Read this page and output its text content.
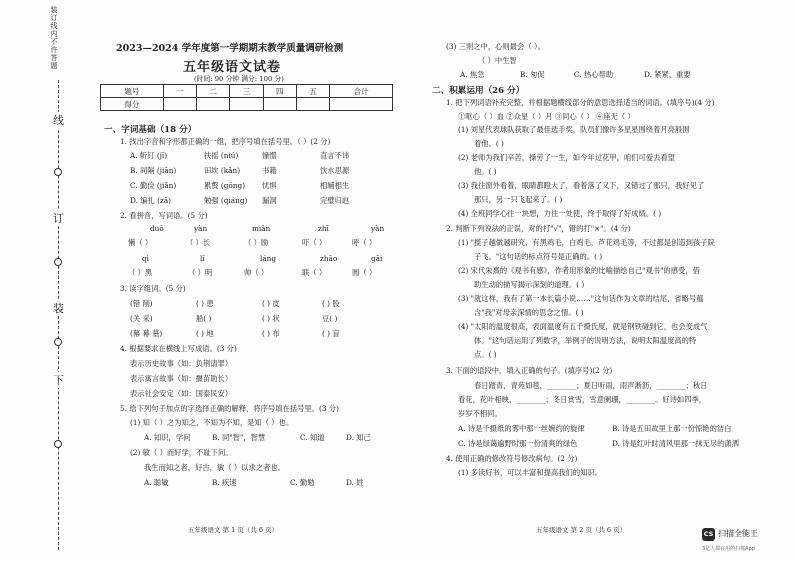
装订线内不许答题
线
订
装
下
2023—2024 学年度第一学期期末教学质量调研检测
五年级语文试卷
(时间: 90 分钟 满分: 100 分)
题号	一	二	三	四	五	合计
得分						
一、字词基础（18 分）
1. 找出字音和字形都正确的一组，把序号填在括号里。（ ）(2 分)
A. 斩钉 (jī)	扶摇 (niú)	憧憬	直言不讳
B. 间隔 (jiān)	田坎 (kǎn)	书籍	饮水思源
C. 勤俭 (jiǎn)	累赘 (gōng) 忧惧	相辅相生
D. 编扎 (zā)	勉强 (qiáng) 漏洞	完璧归赵
2. 看拼音，写词语。(5 分)
duō	yàn	miǎn	zhī	yàn
懒（ ）	（ ）长	（ ）励	吓（ ）	呼（ ）
qì	lǐ	láng	zhāo	gāi
（ ）黑	（ ）明	帅（ ）	联（ ）	圆（ ）
3. 读字组词。(5 分)
(错 削)	( ) 患	( ) 皮	( ) 股
(关 采)	船( )	( ) 状	豆( )
(幕 幕 墓)	( ) 地	( ) 布	( ) 盲
4. 根据要求在横线上写成语。(3 分)
表示历史故事（如：负荆请罪）
表示寓言故事（如：揠苗助长）
表示社会安定（如：国泰民安）
5. 给下列句子加点的字选择正确的解释，将序号填在括号里。(3 分)
(1) 知（ ）之为知之，不知为不知，是知（ ）也。
A. 知识，学问	B. 同"智"，智慧	C. 知道	D. 知己
(2) 敏（ ）而好学，不耻下问。
我生而知之者，好古，敏（ ）以求之者也。
A. 聪敏	B. 疾速	C. 勤勉	D. 姓
五年级语文 第 1 页（共 6 页）
(3) 三则之中，心则最会（ ）。
（ ）中生智
A. 焦急	B. 匆促	C. 热心帮助	D. 紧紧，重要
二、积累运用（26 分）
1. 把下列词语补充完整，并根据题横线部分的意思选择适当的词语。(填序号)(4 分)
①呕心（ ）血 ②众星（ ）月 ③同心（ ） ④座无（ ）
(1) 刘星代表球队获取了最佳选手奖，队员们像许多星星围绕着月亮般围
着他。( )
(2) 老师为我们辛苦，操劳了一生，如今年过花甲，咱们可爱去看望
他。( )
(3) 我往窗外看着，眼睛都瞪大了，看着落了又下，又错过了那只，我好见了
那只，另一只飞起来了。( )
(4) 全班同学心往一块想，力往一处使，终于取得了好成绩。( )
2. 判断下列说法的正误，对的打"√"，错的打"×"。(4 分)
(1) "揽子越做越研究，有黑鸡毛，白鸡毛，芦花鸡毛等，不过都是创造到孩子院
子飞。"这句话的标点符号是正确的。( )
(2) 宋代朱熹的《观书有感》，作者用形象的比喻描绘自己"观书"的感受，借
助生动的描写揭示深刻的道理。( )
(3) "就这样，我有了第一本长篇小说……"这句话作为文章的结尾，省略号蕴
含"我"对母亲深情的思念之情。( )
(4) "太阳的温度很高，表面温度有五千摄氏度，就是钢铁碰到它，也会变成气
体。"这句话运用了列数字，举例子的说明方法，说明太阳温度高的特
点。( )
3. 下面的语段中，填入正确的句子。(填序号)(2 分)
春日踏青，青苑如毯，________；夏日听雨，雨声淅沥，________；秋日
看花，花叶相映，________；冬日赏雪，雪意阑珊，________。好诗如四季，
岁岁不相同。
A. 诗是千摄纸的雾中那一丝婉约的旋律	B. 诗是五田故里上那一份惊艳的洁白
C. 诗是绿蔼遍野时那一份清爽的绿色	D. 诗是红叶时清风里那一抹无尽的潇洒
4. 使用正确的修改符号修改病句。(2 分)
(1) 多读好书，可以丰富和提高我们的知识。
五年级语文 第 2 页（共 6 页）	CS 扫描全能王
3亿人都在用的扫描App
